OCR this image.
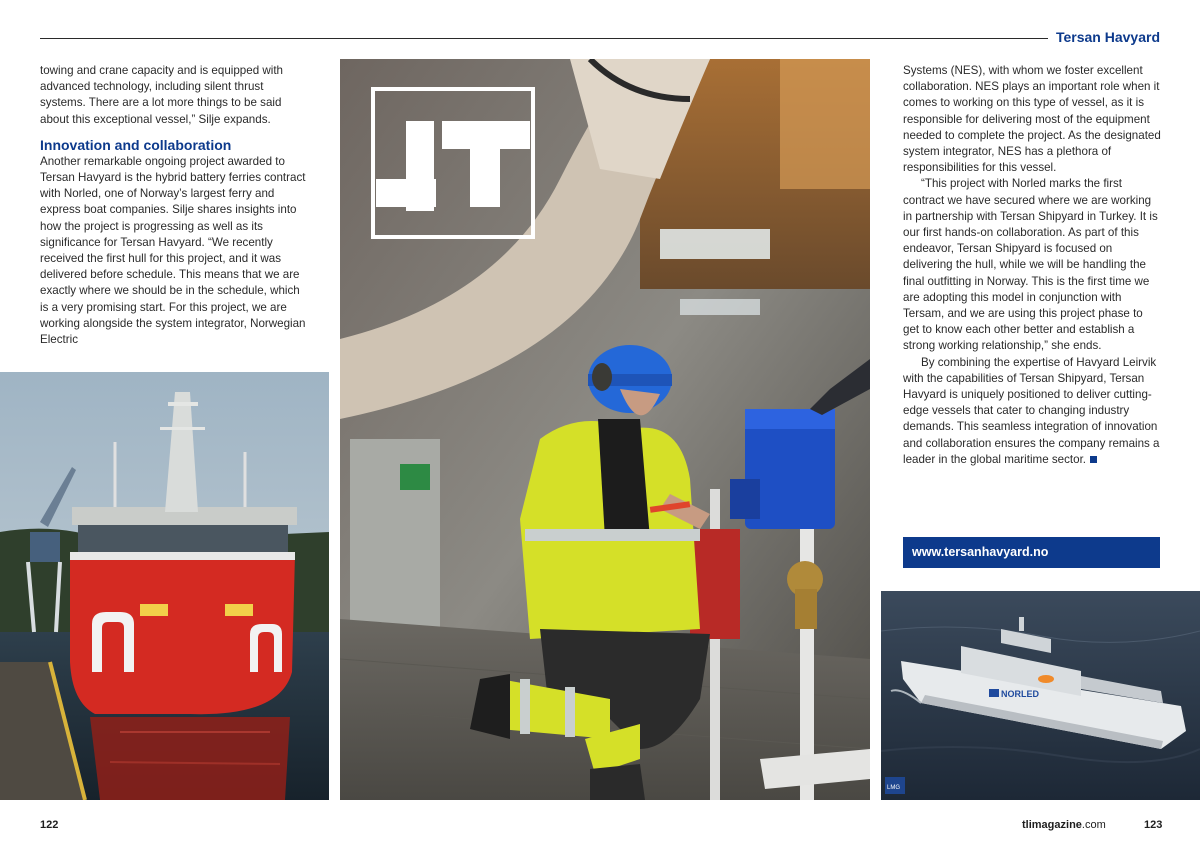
Tersan Havyard

towing and crane capacity and is equipped with advanced technology, including silent thrust systems. There are a lot more things to be said about this exceptional vessel,” Silje expands.

Innovation and collaboration

Another remarkable ongoing project awarded to Tersan Havyard is the hybrid battery ferries contract with Norled, one of Norway’s largest ferry and express boat companies. Silje shares insights into how the project is progressing as well as its significance for Tersan Havyard. “We recently received the first hull for this project, and it was delivered before schedule. This means that we are exactly where we should be in the schedule, which is a very promising start. For this project, we are working alongside the system integrator, Norwegian Electric

Systems (NES), with whom we foster excellent collaboration. NES plays an important role when it comes to working on this type of vessel, as it is responsible for delivering most of the equipment needed to complete the project. As the designated system integrator, NES has a plethora of responsibilities for this vessel.

“This project with Norled marks the first contract we have secured where we are working in partnership with Tersan Shipyard in Turkey. It is our first hands-on collaboration. As part of this endeavor, Tersan Shipyard is focused on delivering the hull, while we will be handling the final outfitting in Norway. This is the first time we are adopting this model in conjunction with Tersam, and we are using this project phase to get to know each other better and establish a strong working relationship,” she ends.

By combining the expertise of Havyard Leirvik with the capabilities of Tersan Shipyard, Tersan Havyard is uniquely positioned to deliver cutting-edge vessels that cater to changing industry demands. This seamless integration of innovation and collaboration ensures the company remains a leader in the global maritime sector.

www.tersanhavyard.no
NORLED
LMG
122	tlimagazine.com	123
